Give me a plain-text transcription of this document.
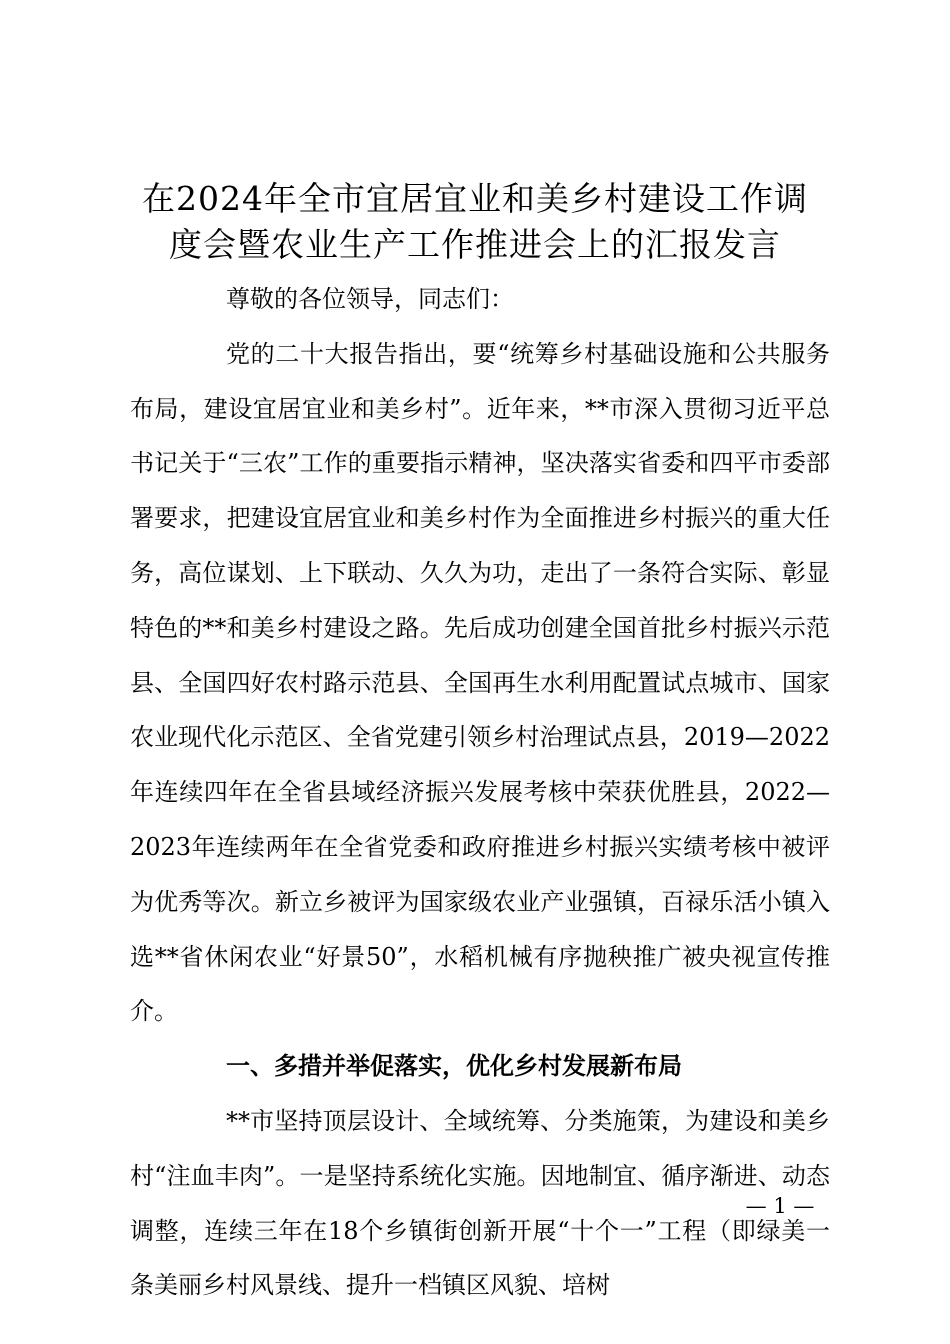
在2024年全市宜居宜业和美乡村建设工作调
度会暨农业生产工作推进会上的汇报发言

尊敬的各位领导，同志们：

党的二十大报告指出，要“统筹乡村基础设施和公共服务布局，建设宜居宜业和美乡村”。近年来，**市深入贯彻习近平总书记关于“三农”工作的重要指示精神，坚决落实省委和四平市委部署要求，把建设宜居宜业和美乡村作为全面推进乡村振兴的重大任务，高位谋划、上下联动、久久为功，走出了一条符合实际、彰显特色的**和美乡村建设之路。先后成功创建全国首批乡村振兴示范县、全国四好农村路示范县、全国再生水利用配置试点城市、国家农业现代化示范区、全省党建引领乡村治理试点县，2019—2022年连续四年在全省县域经济振兴发展考核中荣获优胜县，2022—2023年连续两年在全省党委和政府推进乡村振兴实绩考核中被评为优秀等次。新立乡被评为国家级农业产业强镇，百禄乐活小镇入选**省休闲农业“好景50”，水稻机械有序抛秧推广被央视宣传推介。

一、多措并举促落实，优化乡村发展新布局

**市坚持顶层设计、全域统筹、分类施策，为建设和美乡村“注血丰肉”。一是坚持系统化实施。因地制宜、循序渐进、动态调整，连续三年在18个乡镇街创新开展“十个一”工程（即绿美一条美丽乡村风景线、提升一档镇区风貌、培树

— 1 —
